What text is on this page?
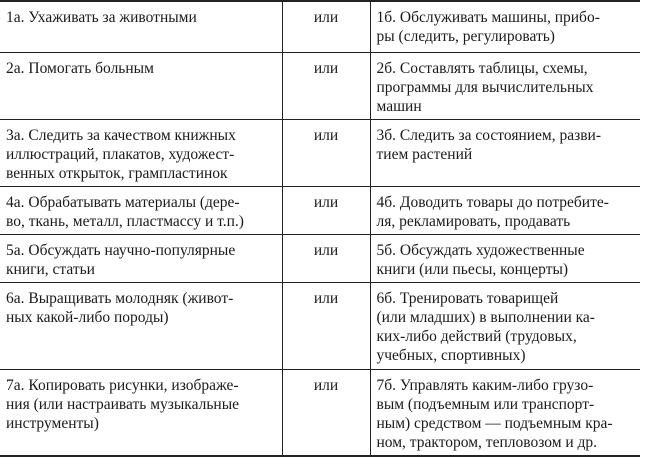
1а. Ухаживать за животными	или	1б. Обслуживать машины, прибо-
ры (следить, регулировать)
2а. Помогать больным	или	2б. Составлять таблицы, схемы,
программы для вычислительных
машин
3а. Следить за качеством книжных
иллюстраций, плакатов, художест-
венных открыток, грампластинок	или	3б. Следить за состоянием, разви-
тием растений
4а. Обрабатывать материалы (дере-
во, ткань, металл, пластмассу и т.п.)	или	4б. Доводить товары до потребите-
ля, рекламировать, продавать
5а. Обсуждать научно-популярные
книги, статьи	или	5б. Обсуждать художественные
книги (или пьесы, концерты)
6а. Выращивать молодняк (живот-
ных какой-либо породы)	или	6б. Тренировать товарищей
(или младших) в выполнении ка-
ких-либо действий (трудовых,
учебных, спортивных)
7а. Копировать рисунки, изображе-
ния (или настраивать музыкальные
инструменты)	или	7б. Управлять каким-либо грузо-
вым (подъемным или транспорт-
ным) средством — подъемным кра-
ном, трактором, тепловозом и др.
